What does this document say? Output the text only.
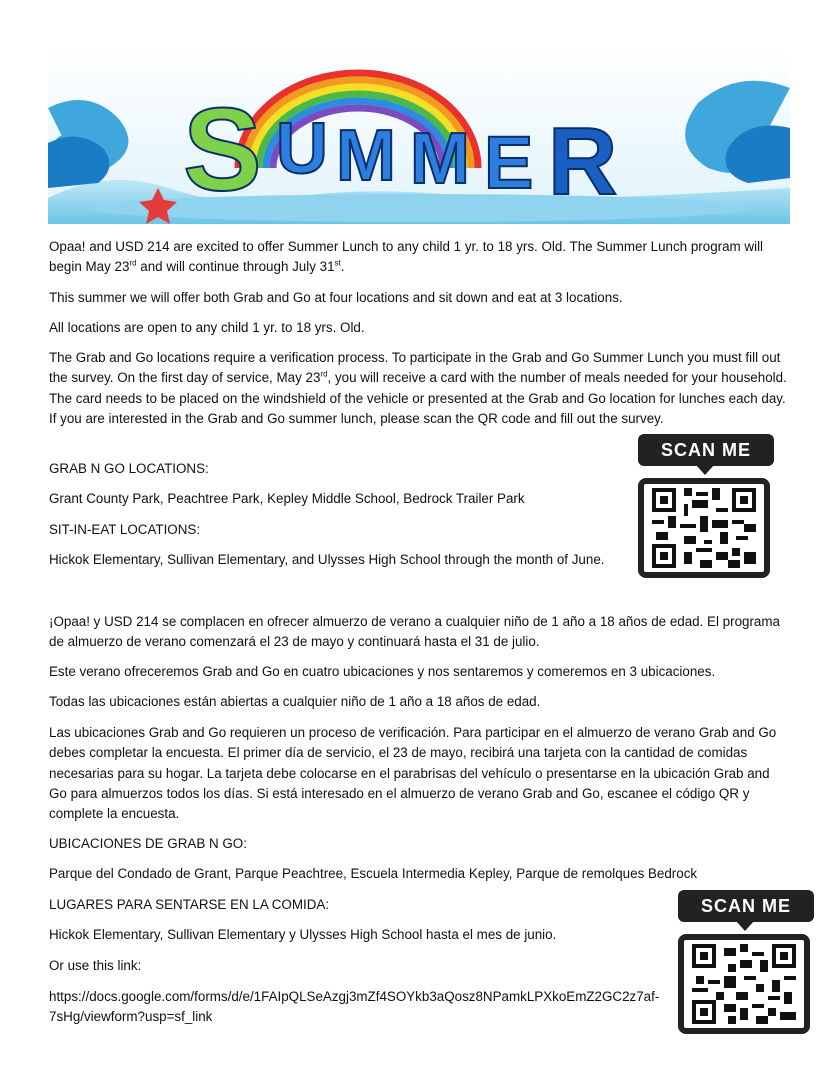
S U M M E R

Opaa! and USD 214 are excited to offer Summer Lunch to any child 1 yr. to 18 yrs. Old. The Summer Lunch program will begin May 23rd and will continue through July 31st.

This summer we will offer both Grab and Go at four locations and sit down and eat at 3 locations.

All locations are open to any child 1 yr. to 18 yrs. Old.

The Grab and Go locations require a verification process. To participate in the Grab and Go Summer Lunch you must fill out the survey. On the first day of service, May 23rd, you will receive a card with the number of meals needed for your household. The card needs to be placed on the windshield of the vehicle or presented at the Grab and Go location for lunches each day. If you are interested in the Grab and Go summer lunch, please scan the QR code and fill out the survey.

GRAB N GO LOCATIONS:

Grant County Park, Peachtree Park, Kepley Middle School, Bedrock Trailer Park

SIT-IN-EAT LOCATIONS:

Hickok Elementary, Sullivan Elementary, and Ulysses High School through the month of June.

¡Opaa! y USD 214 se complacen en ofrecer almuerzo de verano a cualquier niño de 1 año a 18 años de edad. El programa de almuerzo de verano comenzará el 23 de mayo y continuará hasta el 31 de julio.

Este verano ofreceremos Grab and Go en cuatro ubicaciones y nos sentaremos y comeremos en 3 ubicaciones.

Todas las ubicaciones están abiertas a cualquier niño de 1 año a 18 años de edad.

Las ubicaciones Grab and Go requieren un proceso de verificación. Para participar en el almuerzo de verano Grab and Go debes completar la encuesta. El primer día de servicio, el 23 de mayo, recibirá una tarjeta con la cantidad de comidas necesarias para su hogar. La tarjeta debe colocarse en el parabrisas del vehículo o presentarse en la ubicación Grab and Go para almuerzos todos los días. Si está interesado en el almuerzo de verano Grab and Go, escanee el código QR y complete la encuesta.

UBICACIONES DE GRAB N GO:

Parque del Condado de Grant, Parque Peachtree, Escuela Intermedia Kepley, Parque de remolques Bedrock

LUGARES PARA SENTARSE EN LA COMIDA:

Hickok Elementary, Sullivan Elementary y Ulysses High School hasta el mes de junio.

Or use this link:

https://docs.google.com/forms/d/e/1FAIpQLSeAzgj3mZf4SOYkb3aQosz8NPamkLPXkoEmZ2GC2z7af-7sHg/viewform?usp=sf_link

SCAN ME
SCAN ME
